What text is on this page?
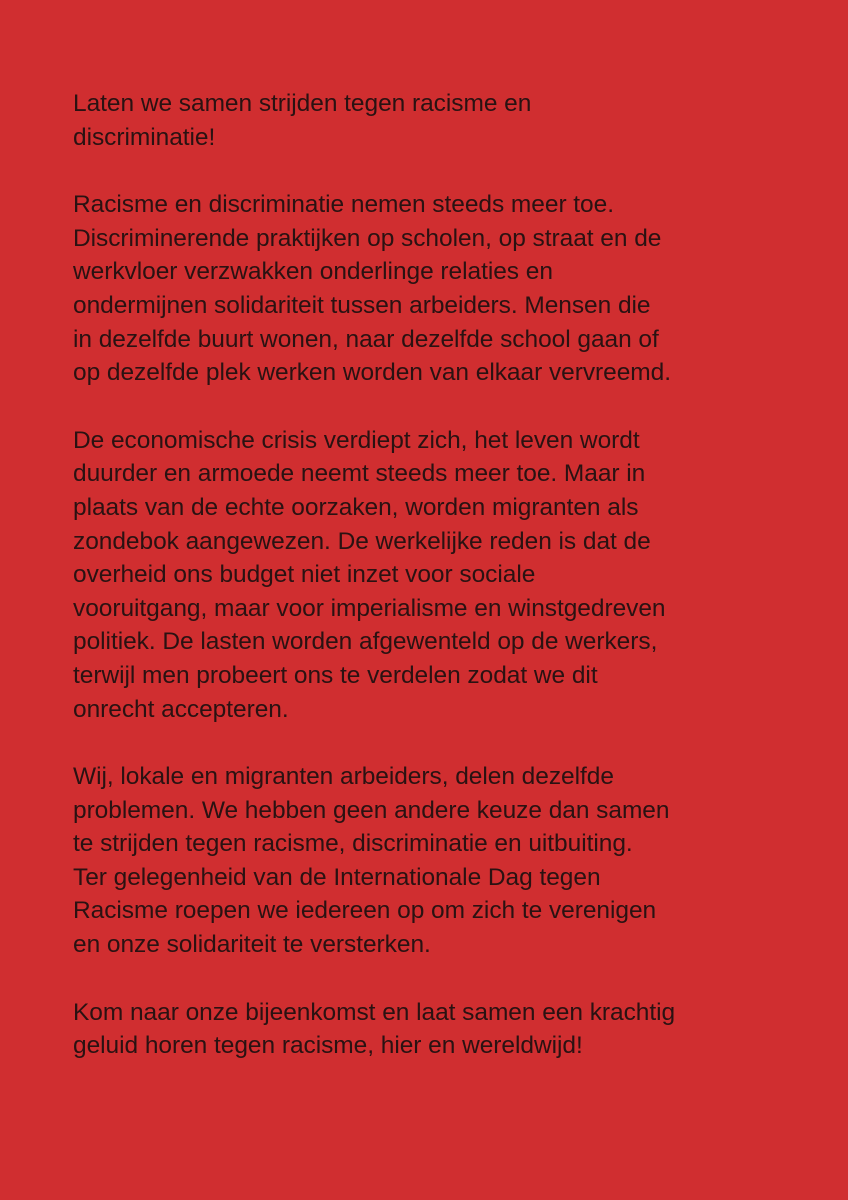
Laten we samen strijden tegen racisme en
discriminatie!

Racisme en discriminatie nemen steeds meer toe.
Discriminerende praktijken op scholen, op straat en de
werkvloer verzwakken onderlinge relaties en
ondermijnen solidariteit tussen arbeiders. Mensen die
in dezelfde buurt wonen, naar dezelfde school gaan of
op dezelfde plek werken worden van elkaar vervreemd.

De economische crisis verdiept zich, het leven wordt
duurder en armoede neemt steeds meer toe. Maar in
plaats van de echte oorzaken, worden migranten als
zondebok aangewezen. De werkelijke reden is dat de
overheid ons budget niet inzet voor sociale
vooruitgang, maar voor imperialisme en winstgedreven
politiek. De lasten worden afgewenteld op de werkers,
terwijl men probeert ons te verdelen zodat we dit
onrecht accepteren.

Wij, lokale en migranten arbeiders, delen dezelfde
problemen. We hebben geen andere keuze dan samen
te strijden tegen racisme, discriminatie en uitbuiting.
Ter gelegenheid van de Internationale Dag tegen
Racisme roepen we iedereen op om zich te verenigen
en onze solidariteit te versterken.

Kom naar onze bijeenkomst en laat samen een krachtig
geluid horen tegen racisme, hier en wereldwijd!
